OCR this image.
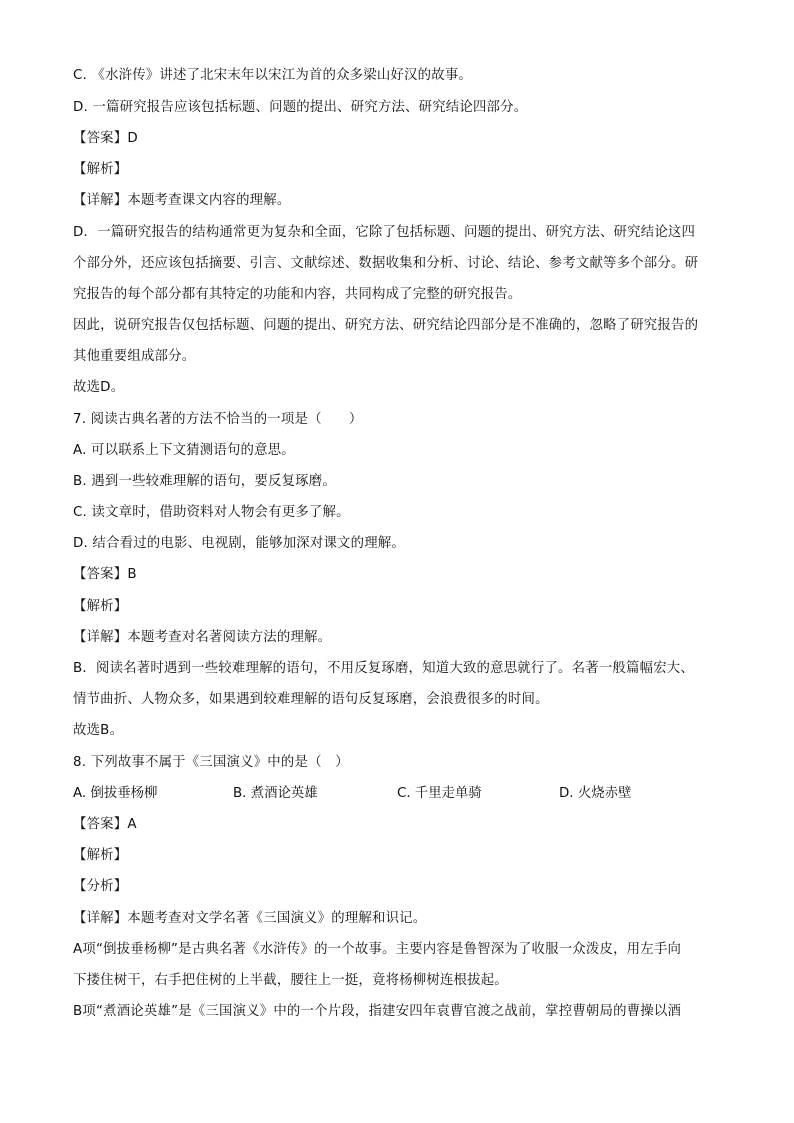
C. 《水浒传》讲述了北宋末年以宋江为首的众多梁山好汉的故事。
D. 一篇研究报告应该包括标题、问题的提出、研究方法、研究结论四部分。
【答案】D
【解析】
【详解】本题考查课文内容的理解。
D．一篇研究报告的结构通常更为复杂和全面，它除了包括标题、问题的提出、研究方法、研究结论这四
个部分外，还应该包括摘要、引言、文献综述、数据收集和分析、讨论、结论、参考文献等多个部分。研
究报告的每个部分都有其特定的功能和内容，共同构成了完整的研究报告。
因此，说研究报告仅包括标题、问题的提出、研究方法、研究结论四部分是不准确的，忽略了研究报告的
其他重要组成部分。
故选D。
7. 阅读古典名著的方法不恰当的一项是（　　）
A. 可以联系上下文猜测语句的意思。
B. 遇到一些较难理解的语句，要反复琢磨。
C. 读文章时，借助资料对人物会有更多了解。
D. 结合看过的电影、电视剧，能够加深对课文的理解。
【答案】B
【解析】
【详解】本题考查对名著阅读方法的理解。
B．阅读名著时遇到一些较难理解的语句，不用反复琢磨，知道大致的意思就行了。名著一般篇幅宏大、
情节曲折、人物众多，如果遇到较难理解的语句反复琢磨，会浪费很多的时间。
故选B。
8. 下列故事不属于《三国演义》中的是（　）
A. 倒拔垂杨柳	B. 煮酒论英雄	C. 千里走单骑	D. 火烧赤壁
【答案】A
【解析】
【分析】
【详解】本题考查对文学名著《三国演义》的理解和识记。
A项“倒拔垂杨柳”是古典名著《水浒传》的一个故事。主要内容是鲁智深为了收服一众泼皮，用左手向
下搂住树干，右手把住树的上半截，腰往上一挺，竟将杨柳树连根拔起。
B项“煮酒论英雄”是《三国演义》中的一个片段，指建安四年袁曹官渡之战前，掌控曹朝局的曹操以酒
